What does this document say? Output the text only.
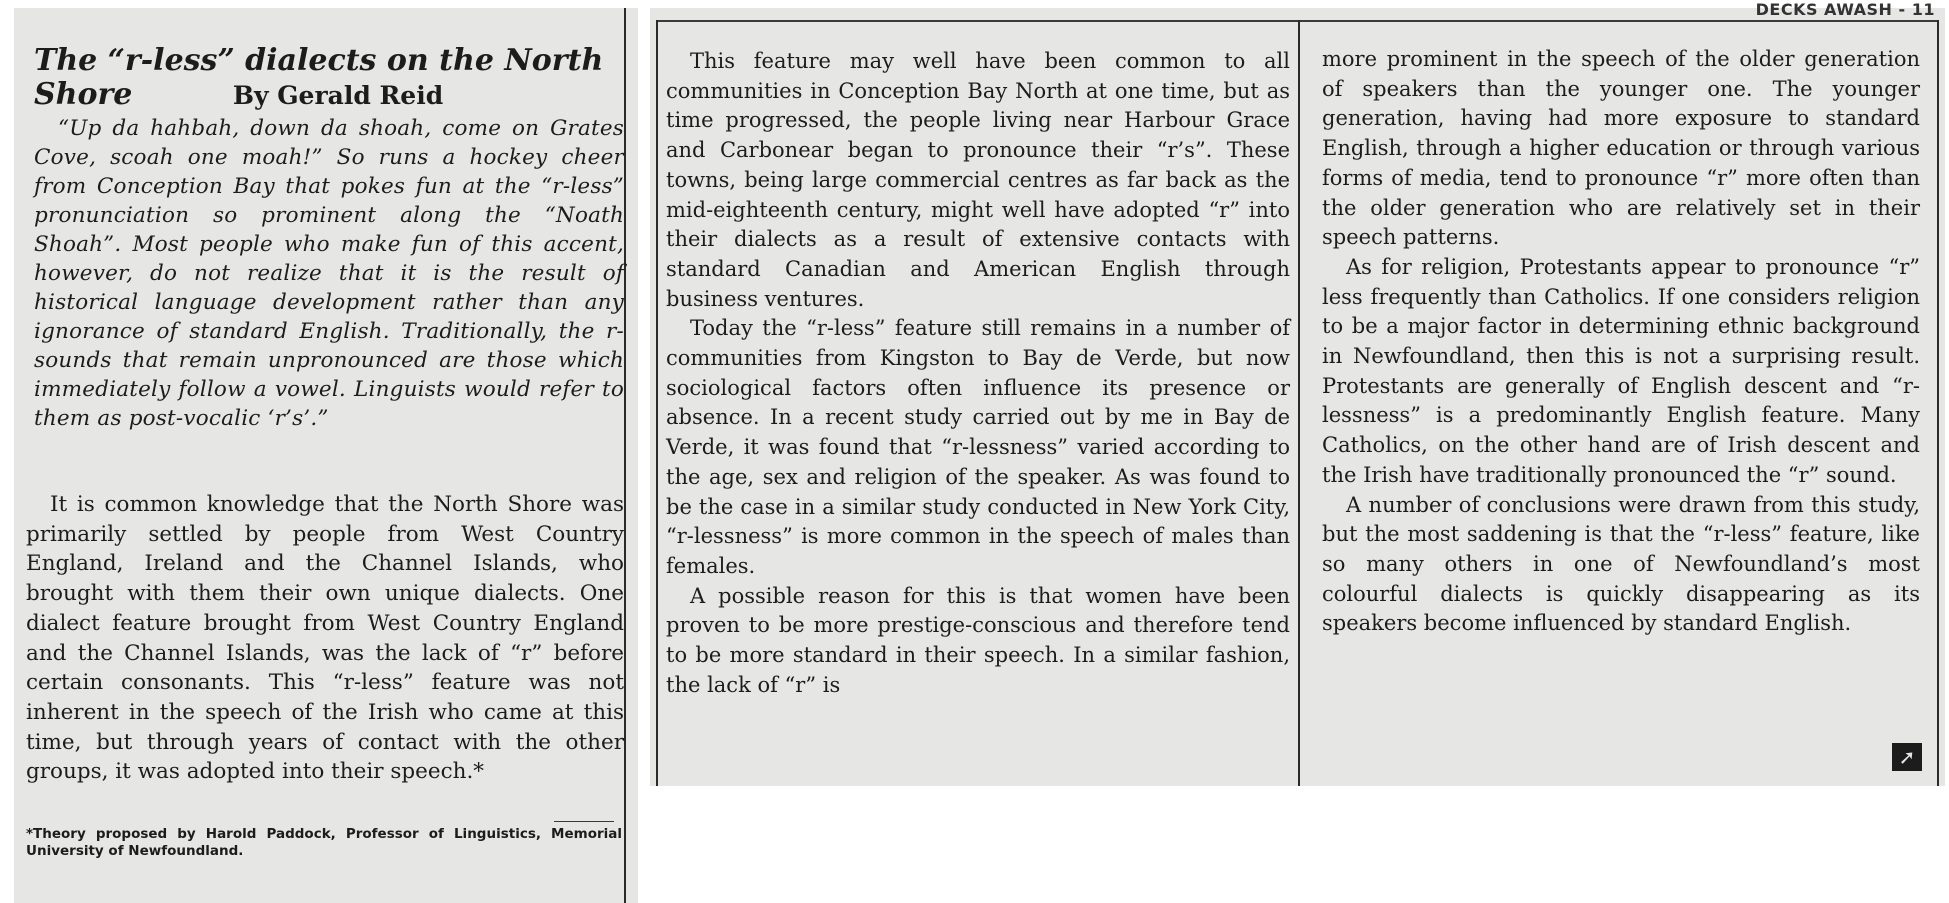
The “r-less” dialects on the North Shore	By Gerald Reid

“Up da hahbah, down da shoah, come on Grates Cove, scoah one moah!” So runs a hockey cheer from Conception Bay that pokes fun at the “r-less” pronunciation so prominent along the “Noath Shoah”. Most people who make fun of this accent, however, do not realize that it is the result of historical language development rather than any ignorance of standard English. Traditionally, the r-sounds that remain unpronounced are those which immediately follow a vowel. Linguists would refer to them as post-vocalic ‘r’s’.”

It is common knowledge that the North Shore was primarily settled by people from West Country England, Ireland and the Channel Islands, who brought with them their own unique dialects. One dialect feature brought from West Country England and the Channel Islands, was the lack of “r” before certain consonants. This “r-less” feature was not inherent in the speech of the Irish who came at this time, but through years of contact with the other groups, it was adopted into their speech.*

*Theory proposed by Harold Paddock, Professor of Linguistics, Memorial University of Newfoundland.

DECKS AWASH - 11

This feature may well have been common to all communities in Conception Bay North at one time, but as time progressed, the people living near Harbour Grace and Carbonear began to pronounce their “r’s”. These towns, being large commercial centres as far back as the mid-eighteenth century, might well have adopted “r” into their dialects as a result of extensive contacts with standard Canadian and American English through business ventures.

Today the “r-less” feature still remains in a number of communities from Kingston to Bay de Verde, but now sociological factors often influence its presence or absence. In a recent study carried out by me in Bay de Verde, it was found that “r-lessness” varied according to the age, sex and religion of the speaker. As was found to be the case in a similar study conducted in New York City, “r-lessness” is more common in the speech of males than females.

A possible reason for this is that women have been proven to be more prestige-conscious and therefore tend to be more standard in their speech. In a similar fashion, the lack of “r” is

more prominent in the speech of the older generation of speakers than the younger one. The younger generation, having had more exposure to standard English, through a higher education or through various forms of media, tend to pronounce “r” more often than the older generation who are relatively set in their speech patterns.

As for religion, Protestants appear to pronounce “r” less frequently than Catholics. If one considers religion to be a major factor in determining ethnic background in Newfoundland, then this is not a surprising result. Protestants are generally of English descent and “r-lessness” is a predominantly English feature. Many Catholics, on the other hand are of Irish descent and the Irish have traditionally pronounced the “r” sound.

A number of conclusions were drawn from this study, but the most saddening is that the “r-less” feature, like so many others in one of Newfoundland’s most colourful dialects is quickly disappearing as its speakers become influenced by standard English.

➚
